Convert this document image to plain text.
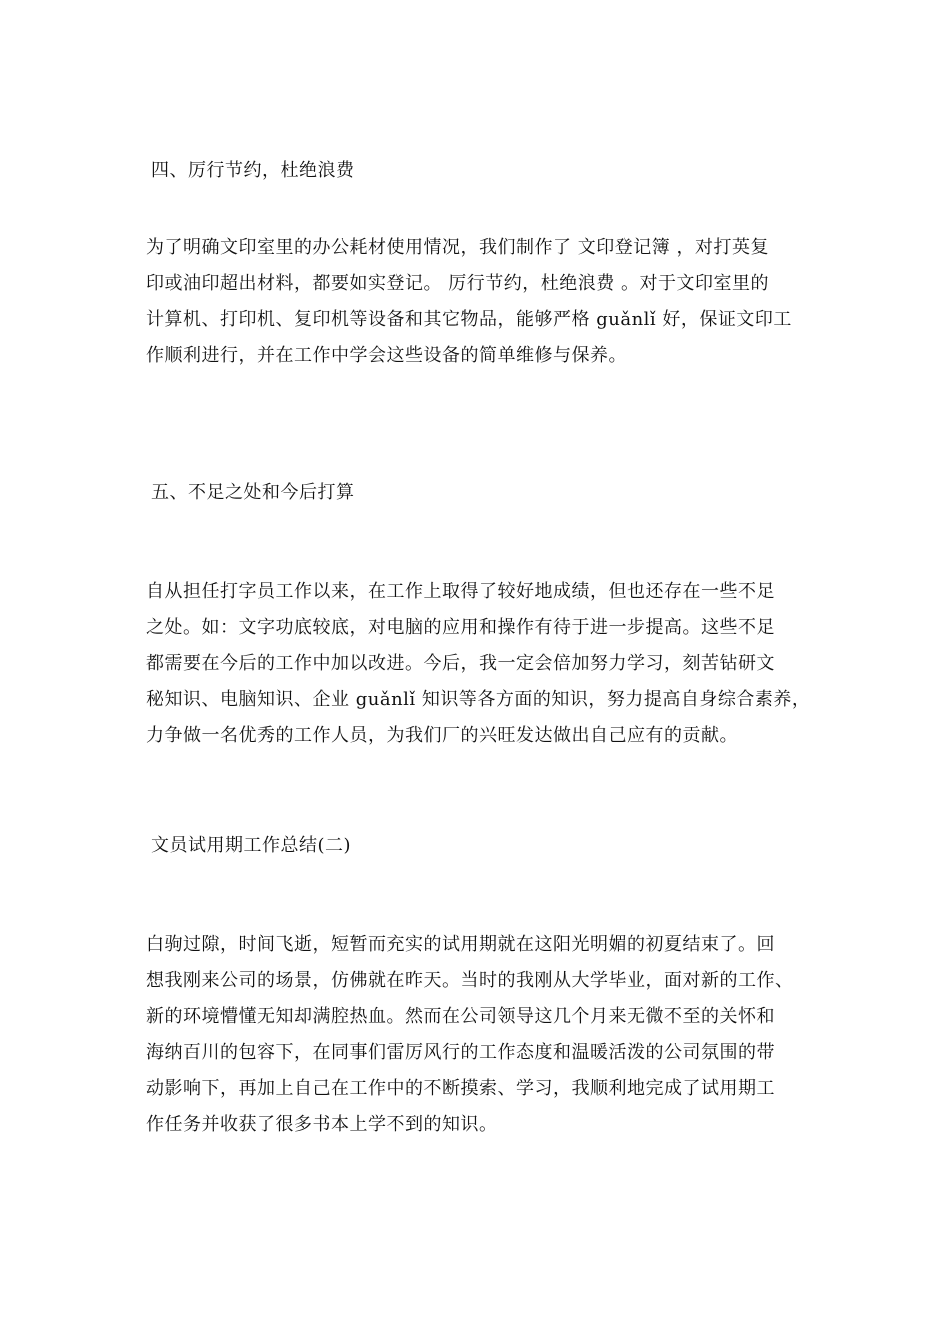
四、厉行节约，杜绝浪费
为了明确文印室里的办公耗材使用情况，我们制作了 文印登记簿 ，对打英复
印或油印超出材料，都要如实登记。 厉行节约，杜绝浪费 。对于文印室里的
计算机、打印机、复印机等设备和其它物品，能够严格 guǎnlǐ 好，保证文印工
作顺利进行，并在工作中学会这些设备的简单维修与保养。
五、不足之处和今后打算
自从担任打字员工作以来，在工作上取得了较好地成绩，但也还存在一些不足
之处。如：文字功底较底，对电脑的应用和操作有待于进一步提高。这些不足
都需要在今后的工作中加以改进。今后，我一定会倍加努力学习，刻苦钻研文
秘知识、电脑知识、企业 guǎnlǐ 知识等各方面的知识，努力提高自身综合素养，
力争做一名优秀的工作人员，为我们厂的兴旺发达做出自己应有的贡献。
文员试用期工作总结(二)
白驹过隙，时间飞逝，短暂而充实的试用期就在这阳光明媚的初夏结束了。回
想我刚来公司的场景，仿佛就在昨天。当时的我刚从大学毕业，面对新的工作、
新的环境懵懂无知却满腔热血。然而在公司领导这几个月来无微不至的关怀和
海纳百川的包容下，在同事们雷厉风行的工作态度和温暖活泼的公司氛围的带
动影响下，再加上自己在工作中的不断摸索、学习，我顺利地完成了试用期工
作任务并收获了很多书本上学不到的知识。
